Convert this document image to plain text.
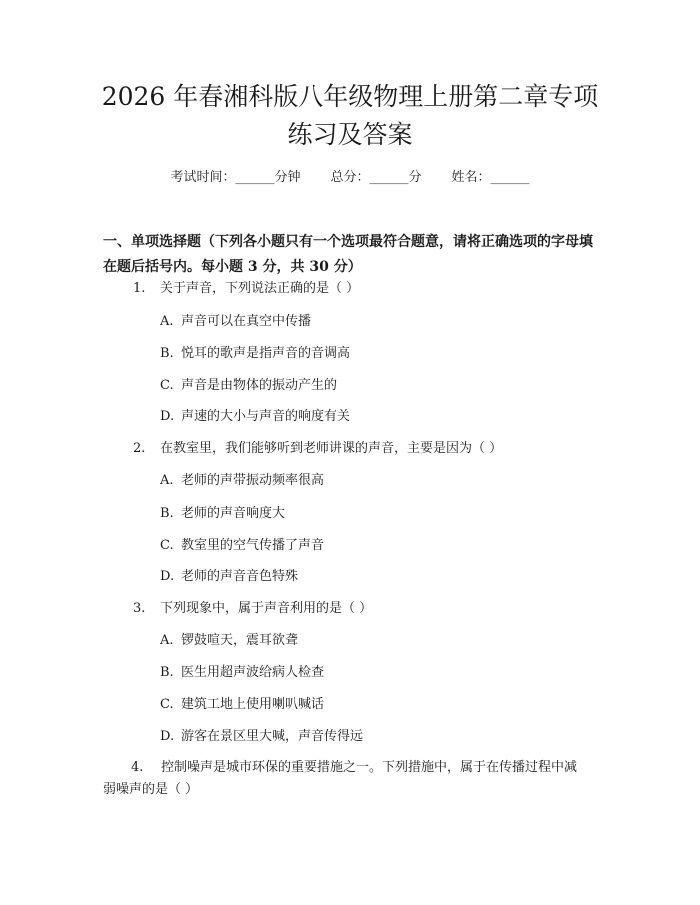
2026 年春湘科版八年级物理上册第二章专项
练习及答案
考试时间：______分钟 总分：______分 姓名：______

一、单项选择题（下列各小题只有一个选项最符合题意，请将正确选项的字母填

在题后括号内。每小题 3 分，共 30 分）

1. 关于声音，下列说法正确的是（ ）
A. 声音可以在真空中传播
B. 悦耳的歌声是指声音的音调高
C. 声音是由物体的振动产生的
D. 声速的大小与声音的响度有关
2. 在教室里，我们能够听到老师讲课的声音，主要是因为（ ）
A. 老师的声带振动频率很高
B. 老师的声音响度大
C. 教室里的空气传播了声音
D. 老师的声音音色特殊
3. 下列现象中，属于声音利用的是（ ）
A. 锣鼓喧天，震耳欲聋
B. 医生用超声波给病人检查
C. 建筑工地上使用喇叭喊话
D. 游客在景区里大喊，声音传得远
4. 控制噪声是城市环保的重要措施之一。下列措施中，属于在传播过程中减
弱噪声的是（ ）
